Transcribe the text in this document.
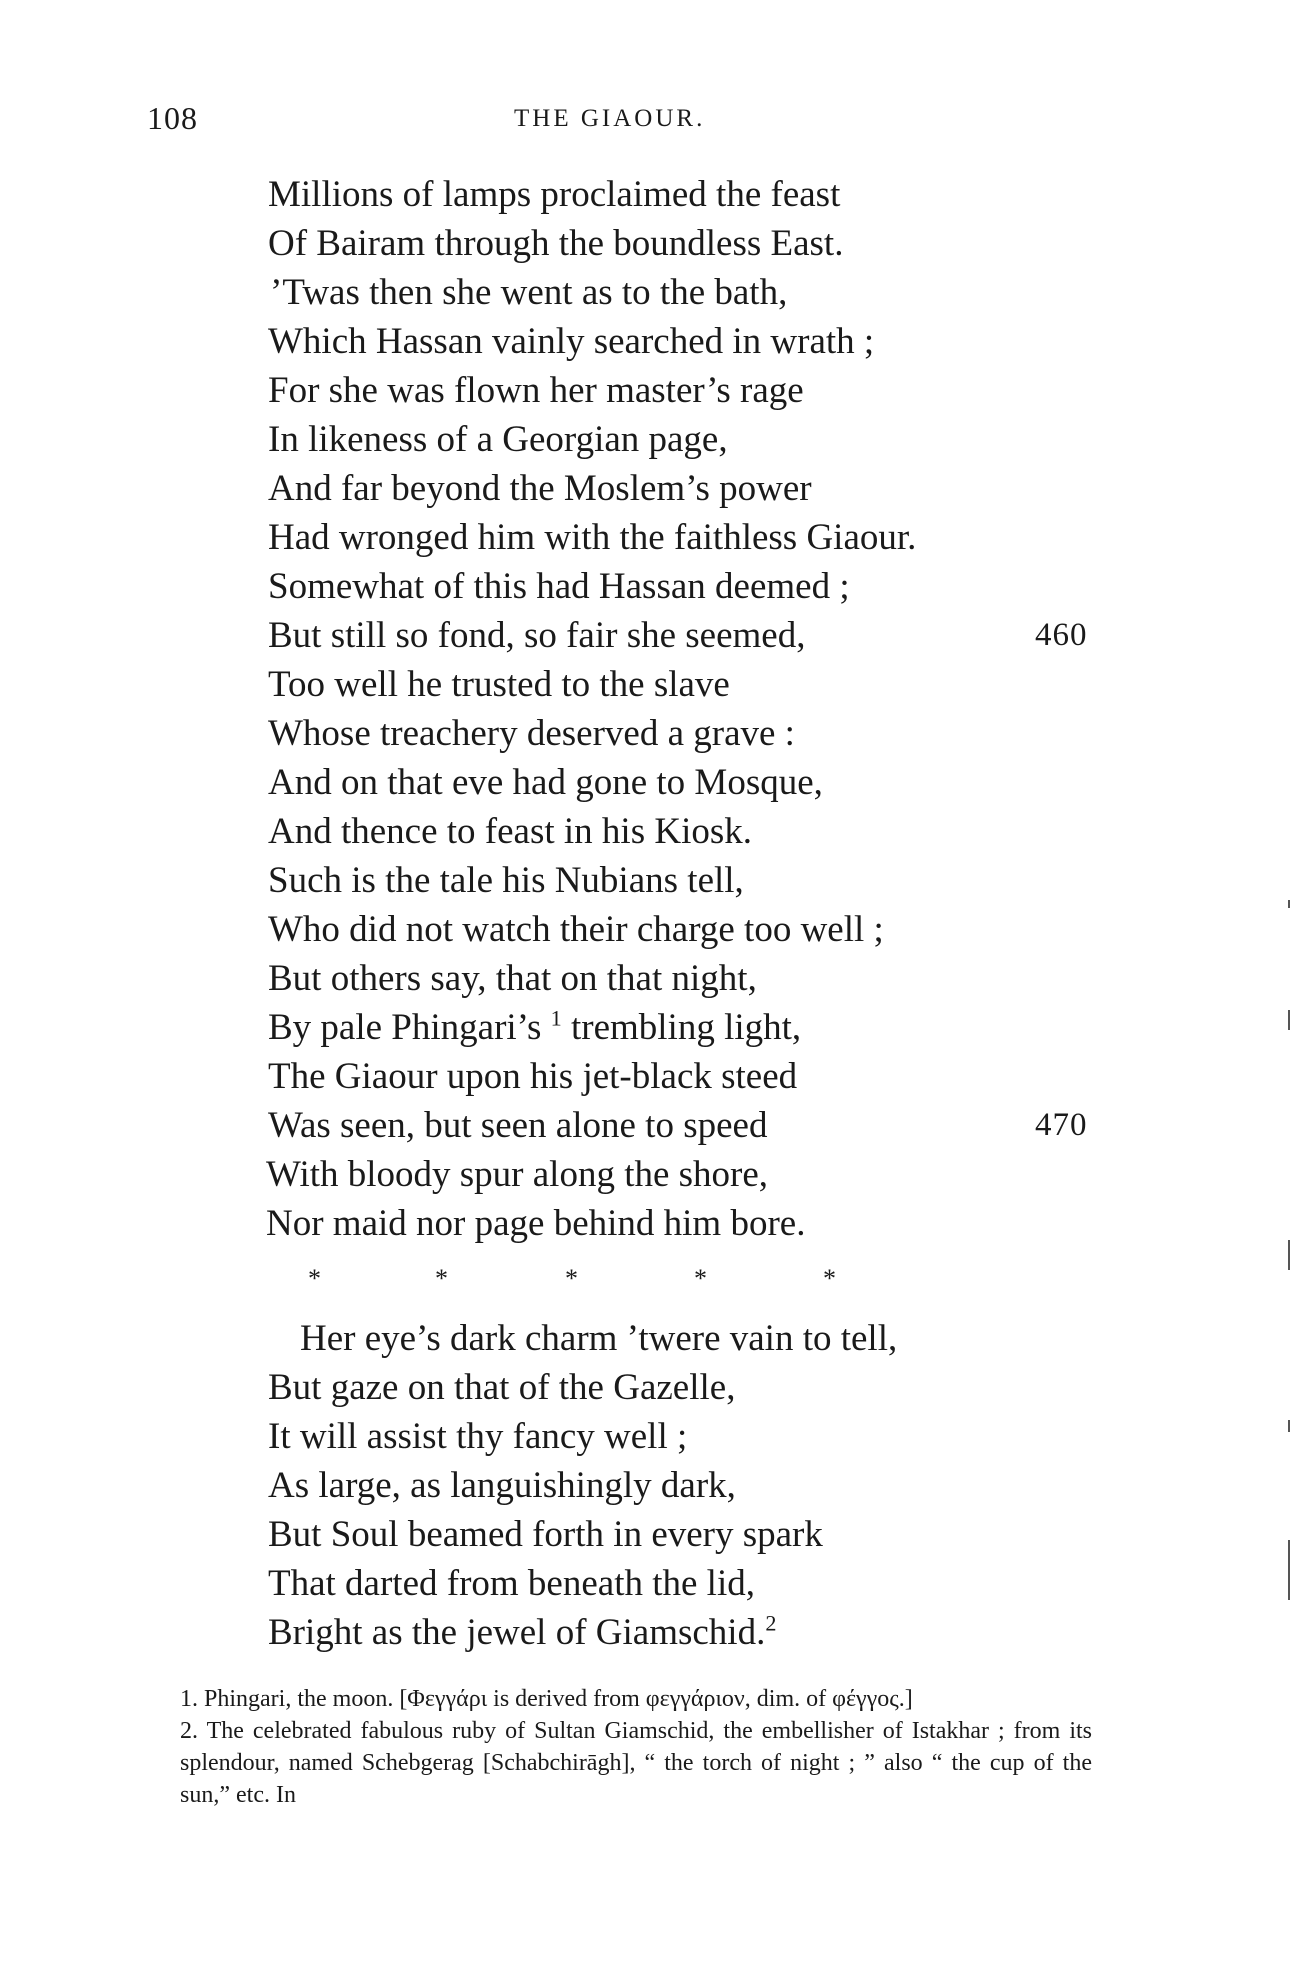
108	THE GIAOUR.
Millions of lamps proclaimed the feast
Of Bairam through the boundless East.
’Twas then she went as to the bath,
Which Hassan vainly searched in wrath ;
For she was flown her master’s rage
In likeness of a Georgian page,
And far beyond the Moslem’s power
Had wronged him with the faithless Giaour.
Somewhat of this had Hassan deemed ;
But still so fond, so fair she seemed,	460
Too well he trusted to the slave
Whose treachery deserved a grave :
And on that eve had gone to Mosque,
And thence to feast in his Kiosk.
Such is the tale his Nubians tell,
Who did not watch their charge too well ;
But others say, that on that night,
By pale Phingari’s $^1$ trembling light,
The Giaour upon his jet-black steed
Was seen, but seen alone to speed	470
With bloody spur along the shore,
Nor maid nor page behind him bore.
*	*	*	*	*
Her eye’s dark charm ’twere vain to tell,
But gaze on that of the Gazelle,
It will assist thy fancy well ;
As large, as languishingly dark,
But Soul beamed forth in every spark
That darted from beneath the lid,
Bright as the jewel of Giamschid.$^2$

1. Phingari, the moon. [Φεγγάρι is derived from φεγγάριον, dim. of φέγγος.]

2. The celebrated fabulous ruby of Sultan Giamschid, the embellisher of Istakhar ; from its splendour, named Schebgerag [Schabchirāgh], “ the torch of night ; ” also “ the cup of the sun,” etc. In
